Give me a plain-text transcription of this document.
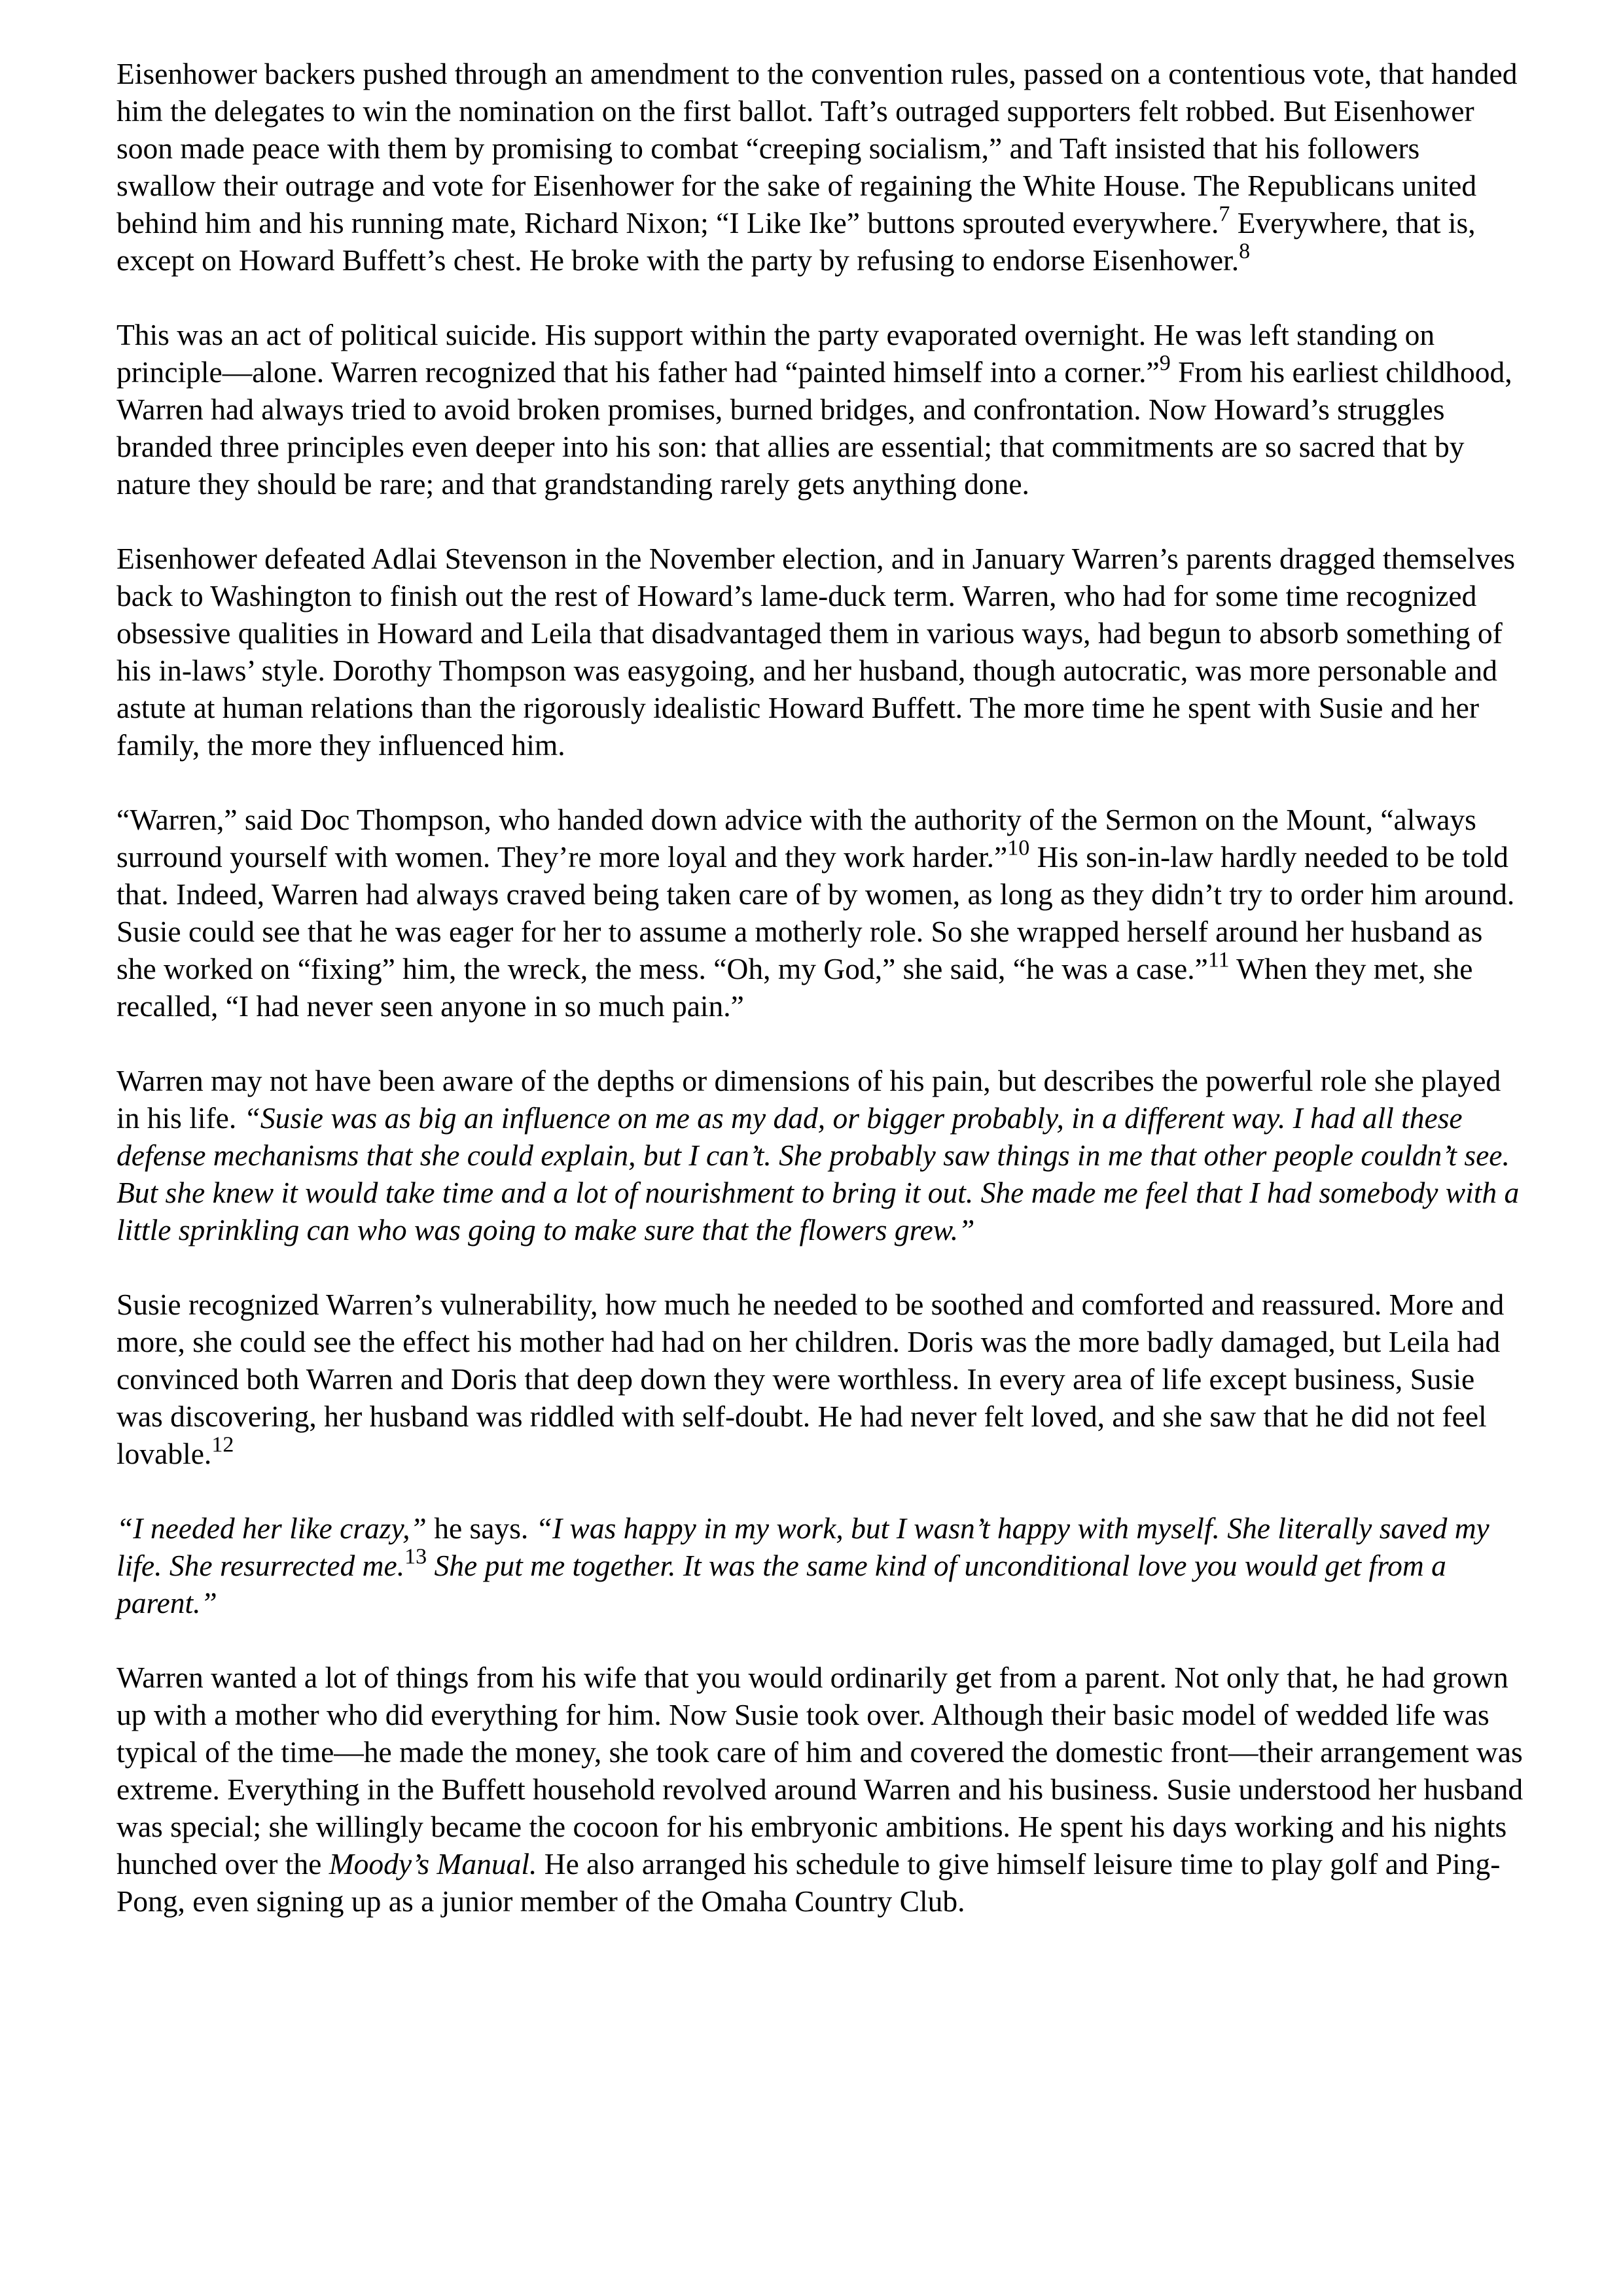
Eisenhower backers pushed through an amendment to the convention rules, passed on a contentious vote, that handed him the delegates to win the nomination on the first ballot. Taft’s outraged supporters felt robbed. But Eisenhower soon made peace with them by promising to combat “creeping socialism,” and Taft insisted that his followers swallow their outrage and vote for Eisenhower for the sake of regaining the White House. The Republicans united behind him and his running mate, Richard Nixon; “I Like Ike” buttons sprouted everywhere.$^7$ Everywhere, that is, except on Howard Buffett’s chest. He broke with the party by refusing to endorse Eisenhower.$^8$

This was an act of political suicide. His support within the party evaporated overnight. He was left standing on principle—alone. Warren recognized that his father had “painted himself into a corner.”$^9$ From his earliest childhood, Warren had always tried to avoid broken promises, burned bridges, and confrontation. Now Howard’s struggles branded three principles even deeper into his son: that allies are essential; that commitments are so sacred that by nature they should be rare; and that grandstanding rarely gets anything done.

Eisenhower defeated Adlai Stevenson in the November election, and in January Warren’s parents dragged themselves back to Washington to finish out the rest of Howard’s lame-duck term. Warren, who had for some time recognized obsessive qualities in Howard and Leila that disadvantaged them in various ways, had begun to absorb something of his in-laws’ style. Dorothy Thompson was easygoing, and her husband, though autocratic, was more personable and astute at human relations than the rigorously idealistic Howard Buffett. The more time he spent with Susie and her family, the more they influenced him.

“Warren,” said Doc Thompson, who handed down advice with the authority of the Sermon on the Mount, “always surround yourself with women. They’re more loyal and they work harder.”$^{10}$ His son-in-law hardly needed to be told that. Indeed, Warren had always craved being taken care of by women, as long as they didn’t try to order him around. Susie could see that he was eager for her to assume a motherly role. So she wrapped herself around her husband as she worked on “fixing” him, the wreck, the mess. “Oh, my God,” she said, “he was a case.”$^{11}$ When they met, she recalled, “I had never seen anyone in so much pain.”

Warren may not have been aware of the depths or dimensions of his pain, but describes the powerful role she played in his life. “Susie was as big an influence on me as my dad, or bigger probably, in a different way. I had all these defense mechanisms that she could explain, but I can’t. She probably saw things in me that other people couldn’t see. But she knew it would take time and a lot of nourishment to bring it out. She made me feel that I had somebody with a little sprinkling can who was going to make sure that the flowers grew.”

Susie recognized Warren’s vulnerability, how much he needed to be soothed and comforted and reassured. More and more, she could see the effect his mother had had on her children. Doris was the more badly damaged, but Leila had convinced both Warren and Doris that deep down they were worthless. In every area of life except business, Susie was discovering, her husband was riddled with self-doubt. He had never felt loved, and she saw that he did not feel lovable.$^{12}$

“I needed her like crazy,” he says. “I was happy in my work, but I wasn’t happy with myself. She literally saved my life. She resurrected me.$^{13}$ She put me together. It was the same kind of unconditional love you would get from a parent.”

Warren wanted a lot of things from his wife that you would ordinarily get from a parent. Not only that, he had grown up with a mother who did everything for him. Now Susie took over. Although their basic model of wedded life was typical of the time—he made the money, she took care of him and covered the domestic front—their arrangement was extreme. Everything in the Buffett household revolved around Warren and his business. Susie understood her husband was special; she willingly became the cocoon for his embryonic ambitions. He spent his days working and his nights hunched over the Moody’s Manual. He also arranged his schedule to give himself leisure time to play golf and Ping-Pong, even signing up as a junior member of the Omaha Country Club.
